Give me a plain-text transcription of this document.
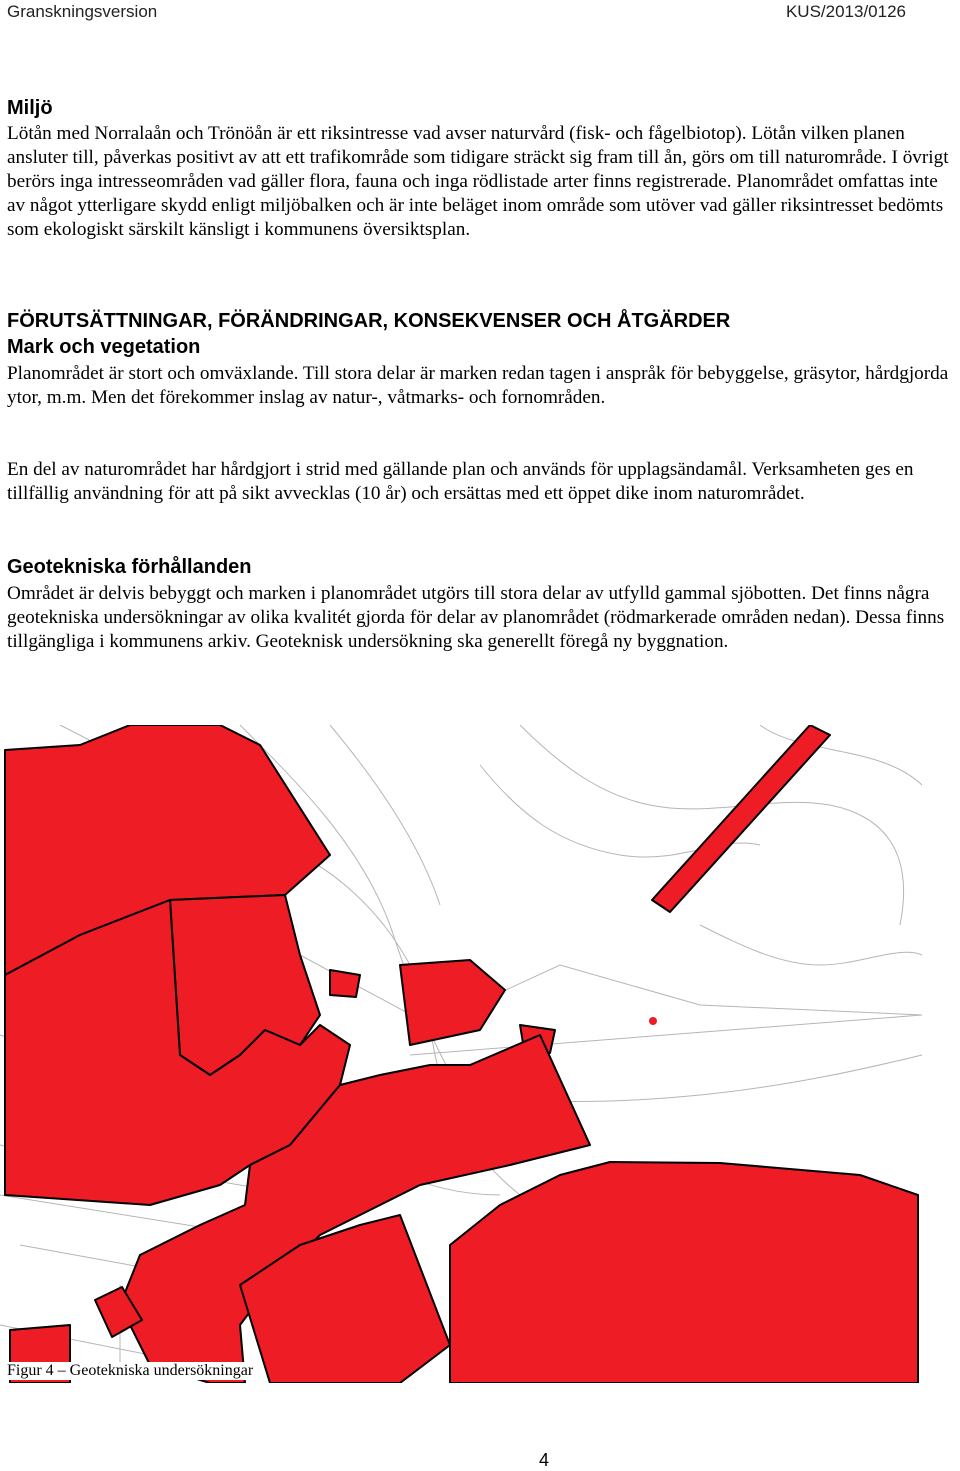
Granskningsversion	KUS/2013/0126
Miljö

Lötån med Norralaån och Trönöån är ett riksintresse vad avser naturvård (fisk- och fågelbiotop). Lötån vilken planen ansluter till, påverkas positivt av att ett trafikområde som tidigare sträckt sig fram till ån, görs om till naturområde. I övrigt berörs inga intresseområden vad gäller flora, fauna och inga rödlistade arter finns registrerade. Planområdet omfattas inte av något ytterligare skydd enligt miljöbalken och är inte beläget inom område som utöver vad gäller riksintresset bedömts som ekologiskt särskilt känsligt i kommunens översiktsplan.

FÖRUTSÄTTNINGAR, FÖRÄNDRINGAR, KONSEKVENSER OCH ÅTGÄRDER
Mark och vegetation

Planområdet är stort och omväxlande. Till stora delar är marken redan tagen i anspråk för bebyggelse, gräsytor, hårdgjorda ytor, m.m. Men det förekommer inslag av natur-, våtmarks- och fornområden.

En del av naturområdet har hårdgjort i strid med gällande plan och används för upplagsändamål. Verksamheten ges en tillfällig användning för att på sikt avvecklas (10 år) och ersättas med ett öppet dike inom naturområdet.

Geotekniska förhållanden

Området är delvis bebyggt och marken i planområdet utgörs till stora delar av utfylld gammal sjöbotten. Det finns några geotekniska undersökningar av olika kvalitét gjorda för delar av planområdet (rödmarkerade områden nedan). Dessa finns tillgängliga i kommunens arkiv. Geoteknisk undersökning ska generellt föregå ny byggnation.

Figur 4 – Geotekniska undersökningar
4
